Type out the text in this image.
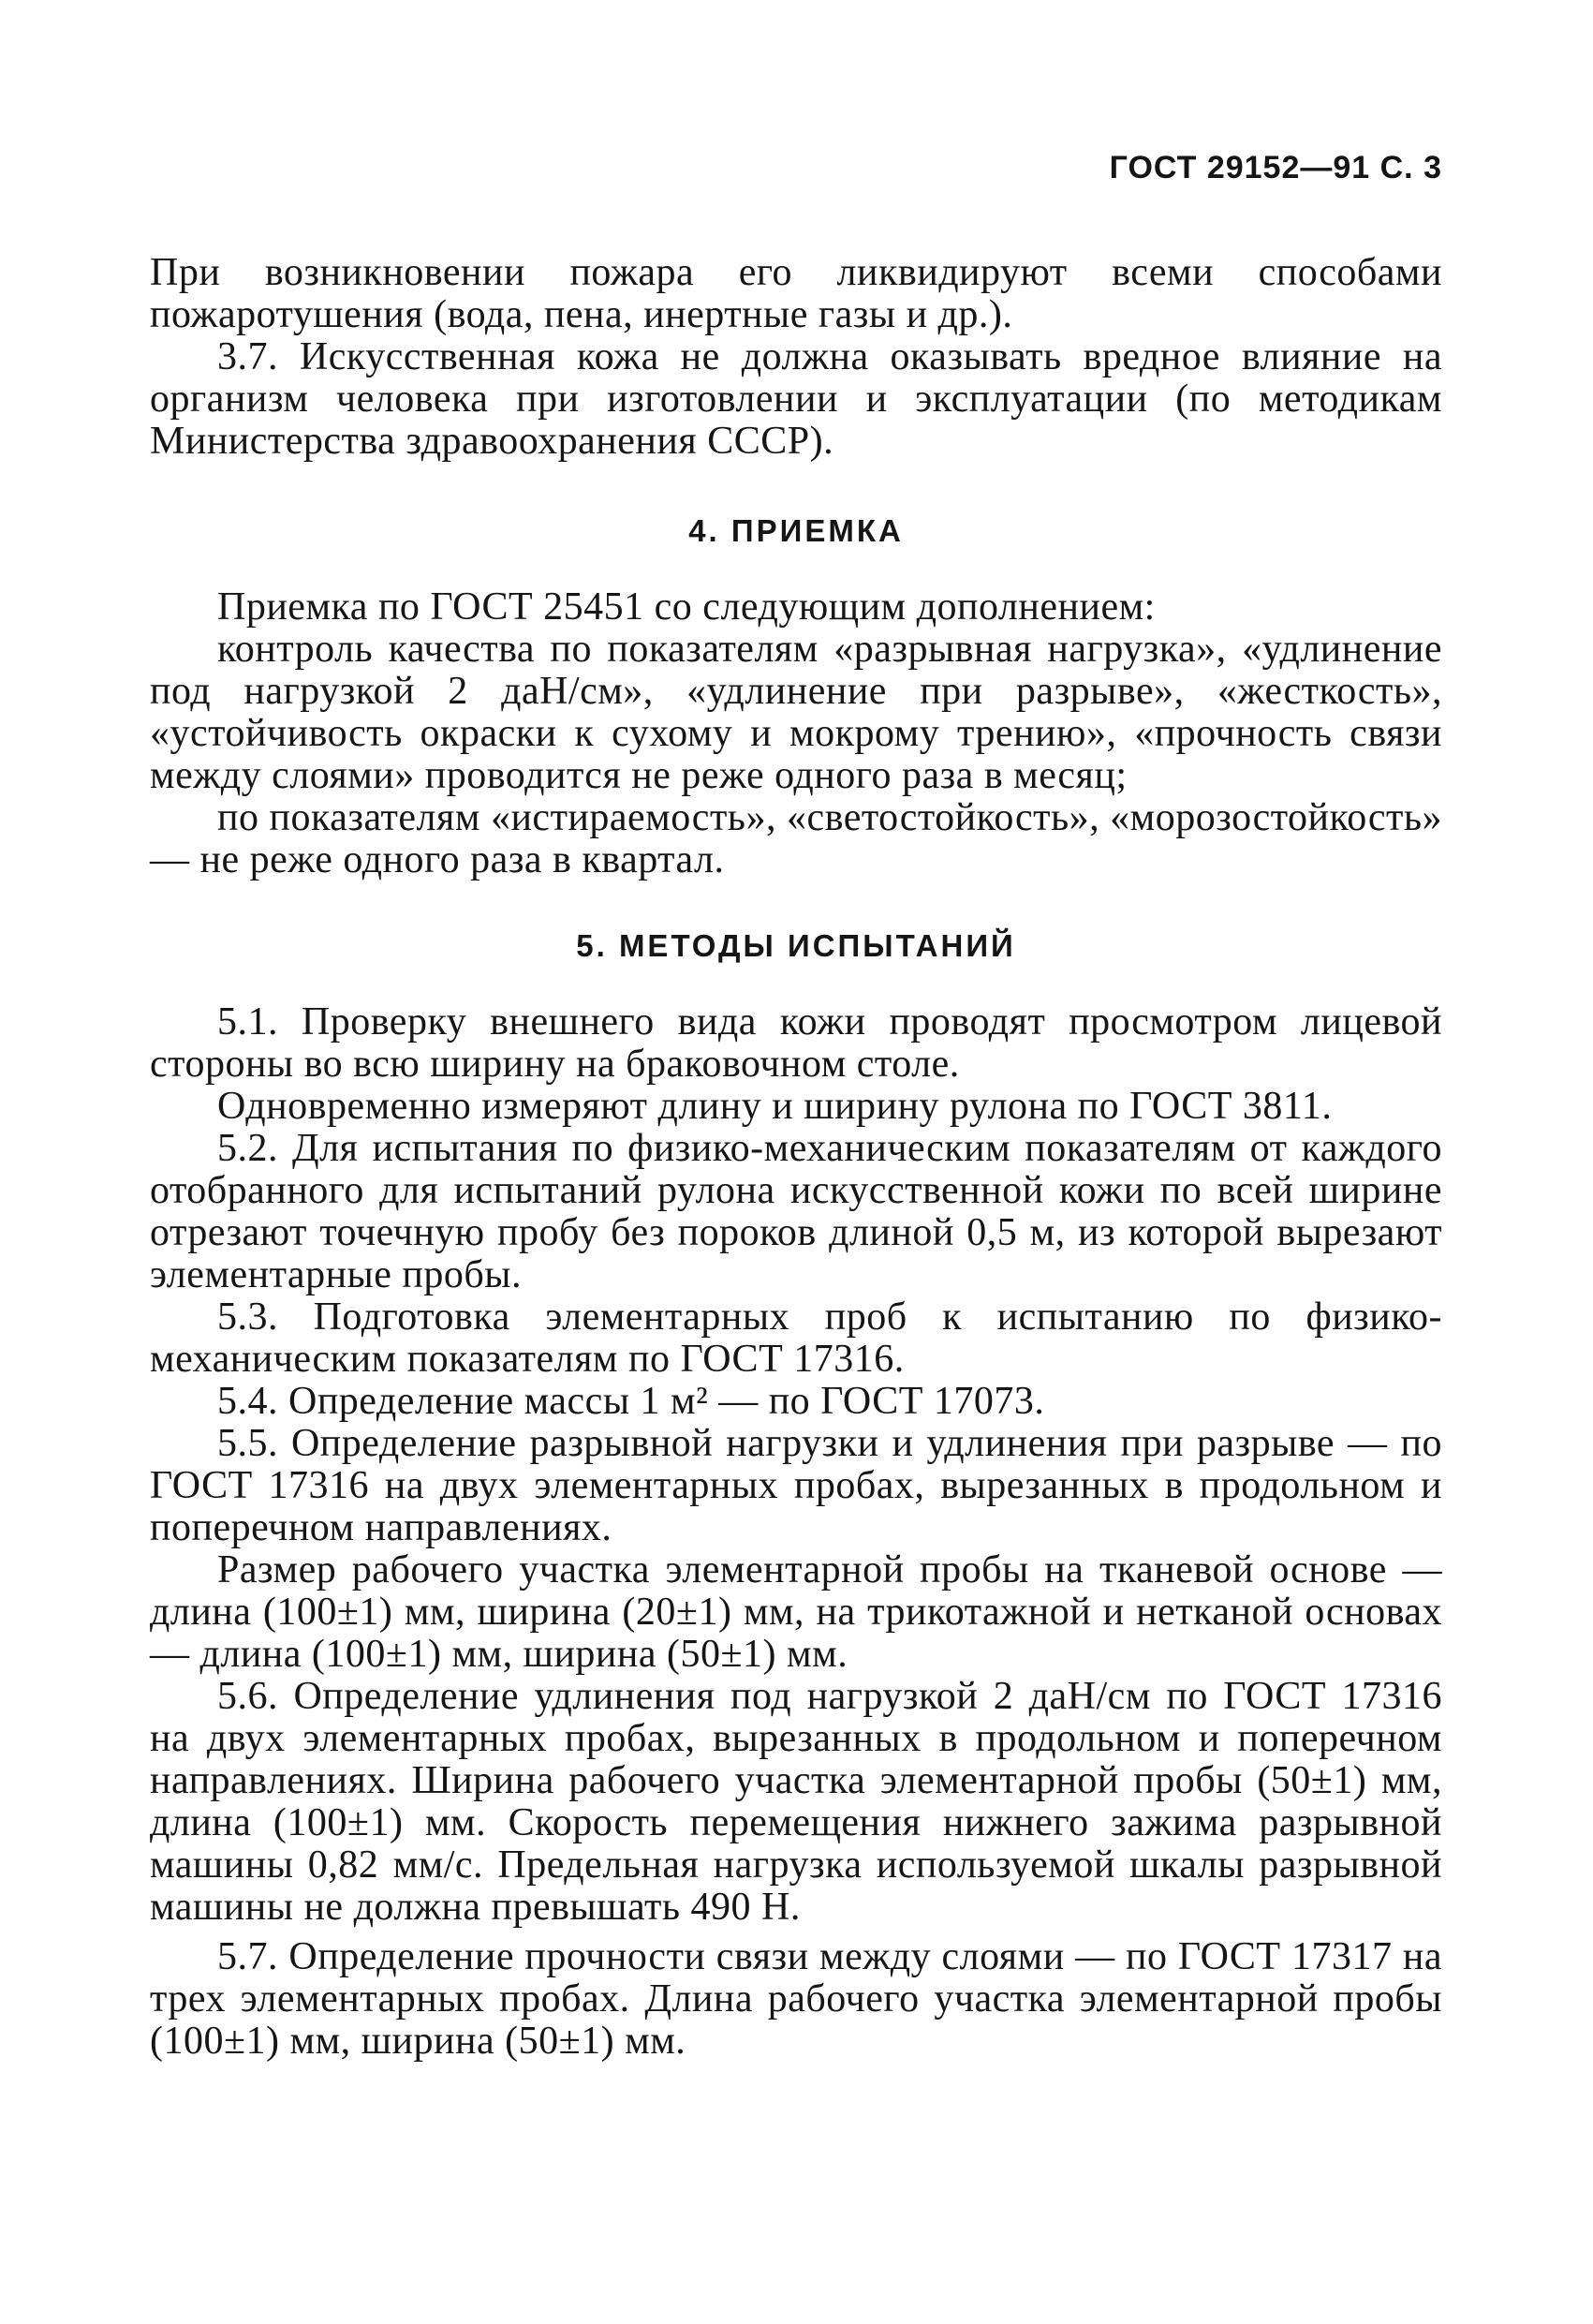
ГОСТ 29152—91 С. 3

При возникновении пожара его ликвидируют всеми способами пожаротушения (вода, пена, инертные газы и др.).

3.7. Искусственная кожа не должна оказывать вредное влияние на организм человека при изготовлении и эксплуатации (по методикам Министерства здравоохранения СССР).

4. ПРИЕМКА

Приемка по ГОСТ 25451 со следующим дополнением:

контроль качества по показателям «разрывная нагрузка», «удлинение под нагрузкой 2 даН/см», «удлинение при разрыве», «жесткость», «устойчивость окраски к сухому и мокрому трению», «прочность связи между слоями» проводится не реже одного раза в месяц;

по показателям «истираемость», «светостойкость», «морозостойкость» — не реже одного раза в квартал.

5. МЕТОДЫ ИСПЫТАНИЙ

5.1. Проверку внешнего вида кожи проводят просмотром лицевой стороны во всю ширину на браковочном столе.

Одновременно измеряют длину и ширину рулона по ГОСТ 3811.

5.2. Для испытания по физико-механическим показателям от каждого отобранного для испытаний рулона искусственной кожи по всей ширине отрезают точечную пробу без пороков длиной 0,5 м, из которой вырезают элементарные пробы.

5.3. Подготовка элементарных проб к испытанию по физико-механическим показателям по ГОСТ 17316.

5.4. Определение массы 1 м² — по ГОСТ 17073.

5.5. Определение разрывной нагрузки и удлинения при разрыве — по ГОСТ 17316 на двух элементарных пробах, вырезанных в продольном и поперечном направлениях.

Размер рабочего участка элементарной пробы на тканевой основе — длина (100±1) мм, ширина (20±1) мм, на трикотажной и нетканой основах — длина (100±1) мм, ширина (50±1) мм.

5.6. Определение удлинения под нагрузкой 2 даН/см по ГОСТ 17316 на двух элементарных пробах, вырезанных в продольном и поперечном направлениях. Ширина рабочего участка элементарной пробы (50±1) мм, длина (100±1) мм. Скорость перемещения нижнего зажима разрывной машины 0,82 мм/с. Предельная нагрузка используемой шкалы разрывной машины не должна превышать 490 Н.

5.7. Определение прочности связи между слоями — по ГОСТ 17317 на трех элементарных пробах. Длина рабочего участка элементарной пробы (100±1) мм, ширина (50±1) мм.
